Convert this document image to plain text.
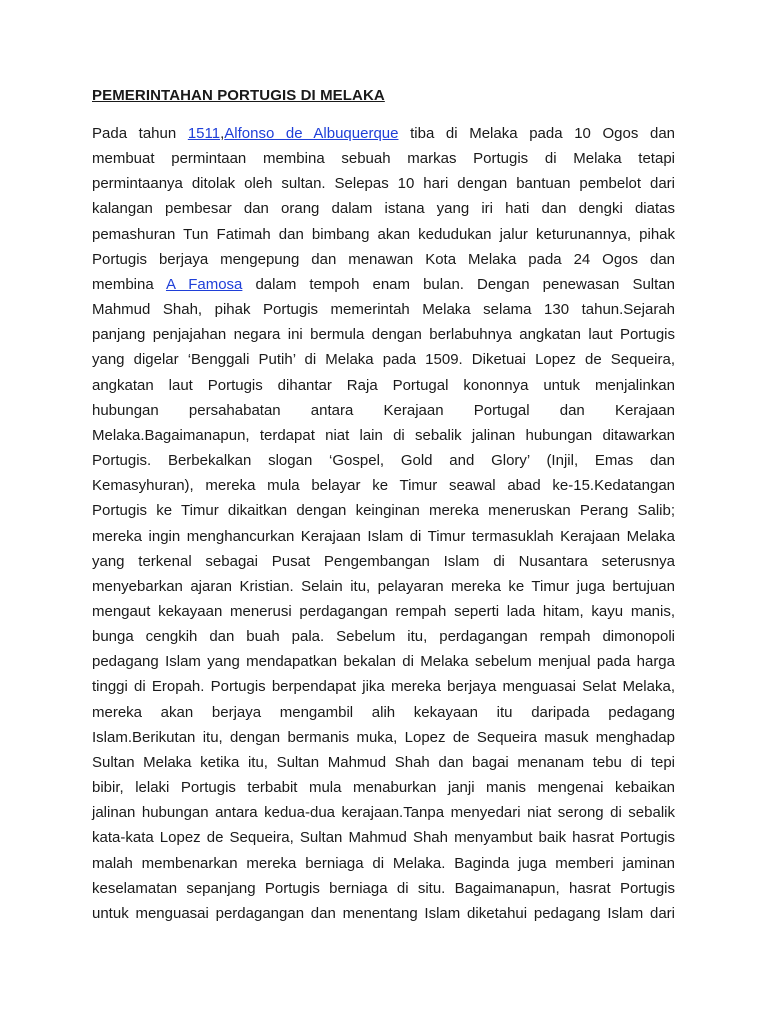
PEMERINTAHAN PORTUGIS DI MELAKA
Pada tahun 1511,Alfonso de Albuquerque tiba di Melaka pada 10 Ogos dan
membuat permintaan membina sebuah markas Portugis di Melaka tetapi
permintaanya ditolak oleh sultan. Selepas 10 hari dengan bantuan pembelot dari
kalangan pembesar dan orang dalam istana yang iri hati dan dengki diatas
pemashuran Tun Fatimah dan bimbang akan kedudukan jalur keturunannya, pihak
Portugis berjaya mengepung dan menawan Kota Melaka pada 24 Ogos dan
membina A Famosa dalam tempoh enam bulan. Dengan penewasan Sultan
Mahmud Shah, pihak Portugis memerintah Melaka selama 130 tahun.Sejarah
panjang penjajahan negara ini bermula dengan berlabuhnya angkatan laut Portugis
yang digelar ‘Benggali Putih’ di Melaka pada 1509. Diketuai Lopez de Sequeira,
angkatan laut Portugis dihantar Raja Portugal kononnya untuk menjalinkan
hubungan persahabatan antara Kerajaan Portugal dan Kerajaan
Melaka.Bagaimanapun, terdapat niat lain di sebalik jalinan hubungan ditawarkan
Portugis. Berbekalkan slogan ‘Gospel, Gold and Glory’ (Injil, Emas dan
Kemasyhuran), mereka mula belayar ke Timur seawal abad ke-15.Kedatangan
Portugis ke Timur dikaitkan dengan keinginan mereka meneruskan Perang Salib;
mereka ingin menghancurkan Kerajaan Islam di Timur termasuklah Kerajaan Melaka
yang terkenal sebagai Pusat Pengembangan Islam di Nusantara seterusnya
menyebarkan ajaran Kristian. Selain itu, pelayaran mereka ke Timur juga bertujuan
mengaut kekayaan menerusi perdagangan rempah seperti lada hitam, kayu manis,
bunga cengkih dan buah pala. Sebelum itu, perdagangan rempah dimonopoli
pedagang Islam yang mendapatkan bekalan di Melaka sebelum menjual pada harga
tinggi di Eropah. Portugis berpendapat jika mereka berjaya menguasai Selat Melaka,
mereka akan berjaya mengambil alih kekayaan itu daripada pedagang
Islam.Berikutan itu, dengan bermanis muka, Lopez de Sequeira masuk menghadap
Sultan Melaka ketika itu, Sultan Mahmud Shah dan bagai menanam tebu di tepi
bibir, lelaki Portugis terbabit mula menaburkan janji manis mengenai kebaikan
jalinan hubungan antara kedua-dua kerajaan.Tanpa menyedari niat serong di sebalik
kata-kata Lopez de Sequeira, Sultan Mahmud Shah menyambut baik hasrat Portugis
malah membenarkan mereka berniaga di Melaka. Baginda juga memberi jaminan
keselamatan sepanjang Portugis berniaga di situ. Bagaimanapun, hasrat Portugis
untuk menguasai perdagangan dan menentang Islam diketahui pedagang Islam dari
